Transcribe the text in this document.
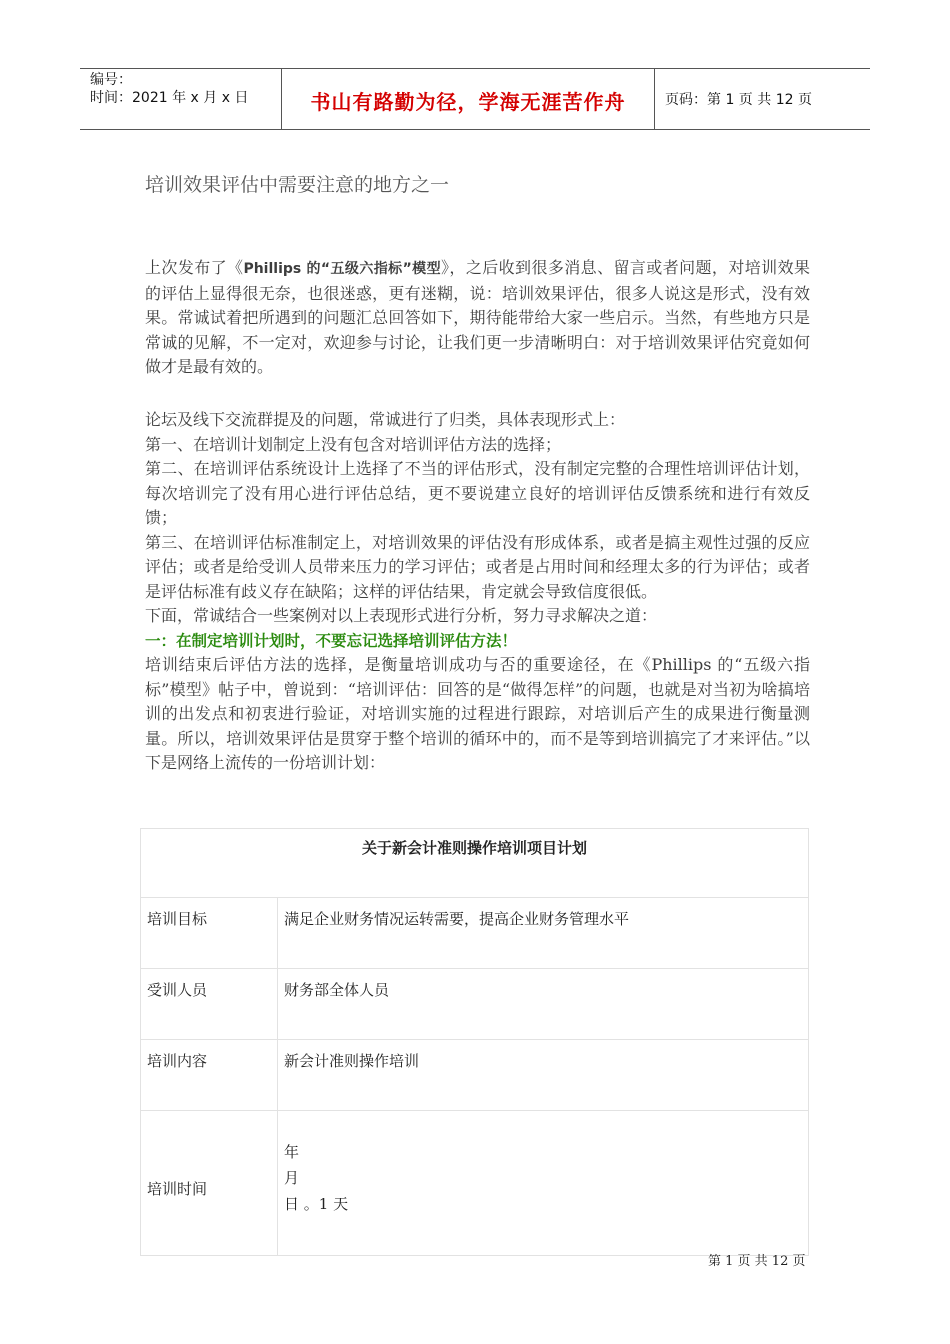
编号：
时间：2021 年 x 月 x 日	书山有路勤为径，学海无涯苦作舟	页码：第 1 页 共 12 页
培训效果评估中需要注意的地方之一

上次发布了《Phillips 的“五级六指标”模型》，之后收到很多消息、留言或者问题，对培训效果的评估上显得很无奈，也很迷惑，更有迷糊，说：培训效果评估，很多人说这是形式，没有效果。常诚试着把所遇到的问题汇总回答如下，期待能带给大家一些启示。当然，有些地方只是常诚的见解，不一定对，欢迎参与讨论，让我们更一步清晰明白：对于培训效果评估究竟如何做才是最有效的。

论坛及线下交流群提及的问题，常诚进行了归类，具体表现形式上：

第一、在培训计划制定上没有包含对培训评估方法的选择；

第二、在培训评估系统设计上选择了不当的评估形式，没有制定完整的合理性培训评估计划，每次培训完了没有用心进行评估总结，更不要说建立良好的培训评估反馈系统和进行有效反馈；

第三、在培训评估标准制定上，对培训效果的评估没有形成体系，或者是搞主观性过强的反应评估；或者是给受训人员带来压力的学习评估；或者是占用时间和经理太多的行为评估；或者是评估标准有歧义存在缺陷；这样的评估结果，肯定就会导致信度很低。

下面，常诚结合一些案例对以上表现形式进行分析，努力寻求解决之道：

一：在制定培训计划时，不要忘记选择培训评估方法！

培训结束后评估方法的选择，是衡量培训成功与否的重要途径，在《Phillips 的“五级六指标”模型》帖子中，曾说到：“培训评估：回答的是“做得怎样”的问题，也就是对当初为啥搞培训的出发点和初衷进行验证，对培训实施的过程进行跟踪，对培训后产生的成果进行衡量测量。所以，培训效果评估是贯穿于整个培训的循环中的，而不是等到培训搞完了才来评估。”以下是网络上流传的一份培训计划：

关于新会计准则操作培训项目计划	
培训目标	满足企业财务情况运转需要，提高企业财务管理水平
受训人员	财务部全体人员
培训内容	新会计准则操作培训
培训时间	年
月
日 。1 天
第 1 页 共 12 页
